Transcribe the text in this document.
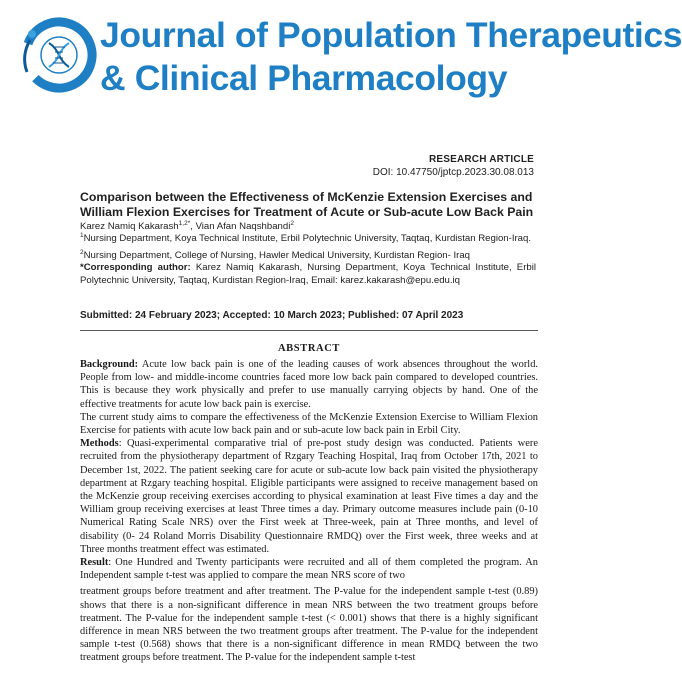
Journal of Population Therapeutics
& Clinical Pharmacology
RESEARCH ARTICLE
DOI: 10.47750/jptcp.2023.30.08.013
Comparison between the Effectiveness of McKenzie Extension Exercises and William Flexion Exercises for Treatment of Acute or Sub-acute Low Back Pain

Karez Namiq Kakarash$^{1,2*}$, Vian Afan Naqshbandi$^2$

$^1$Nursing Department, Koya Technical Institute, Erbil Polytechnic University, Taqtaq, Kurdistan Region-Iraq.

$^2$Nursing Department, College of Nursing, Hawler Medical University, Kurdistan Region- Iraq

*Corresponding author: Karez Namiq Kakarash, Nursing Department, Koya Technical Institute, Erbil Polytechnic University, Taqtaq, Kurdistan Region-Iraq, Email: karez.kakarash@epu.edu.iq

Submitted: 24 February 2023; Accepted: 10 March 2023; Published: 07 April 2023
ABSTRACT

Background: Acute low back pain is one of the leading causes of work absences throughout the world. People from low- and middle-income countries faced more low back pain compared to developed countries. This is because they work physically and prefer to use manually carrying objects by hand. One of the effective treatments for acute low back pain is exercise.

The current study aims to compare the effectiveness of the McKenzie Extension Exercise to William Flexion Exercise for patients with acute low back pain and or sub-acute low back pain in Erbil City.

Methods: Quasi-experimental comparative trial of pre-post study design was conducted. Patients were recruited from the physiotherapy department of Rzgary Teaching Hospital, Iraq from October 17th, 2021 to December 1st, 2022. The patient seeking care for acute or sub-acute low back pain visited the physiotherapy department at Rzgary teaching hospital. Eligible participants were assigned to receive management based on the McKenzie group receiving exercises according to physical examination at least Five times a day and the William group receiving exercises at least Three times a day. Primary outcome measures include pain (0-10 Numerical Rating Scale NRS) over the First week at Three-week, pain at Three months, and level of disability (0- 24 Roland Morris Disability Questionnaire RMDQ) over the First week, three weeks and at Three months treatment effect was estimated.

Result: One Hundred and Twenty participants were recruited and all of them completed the program. An Independent sample t-test was applied to compare the mean NRS score of two

treatment groups before treatment and after treatment. The P-value for the independent sample t-test (0.89) shows that there is a non-significant difference in mean NRS between the two treatment groups before treatment. The P-value for the independent sample t-test (< 0.001) shows that there is a highly significant difference in mean NRS between the two treatment groups after treatment. The P-value for the independent sample t-test (0.568) shows that there is a non-significant difference in mean RMDQ between the two treatment groups before treatment. The P-value for the independent sample t-test
